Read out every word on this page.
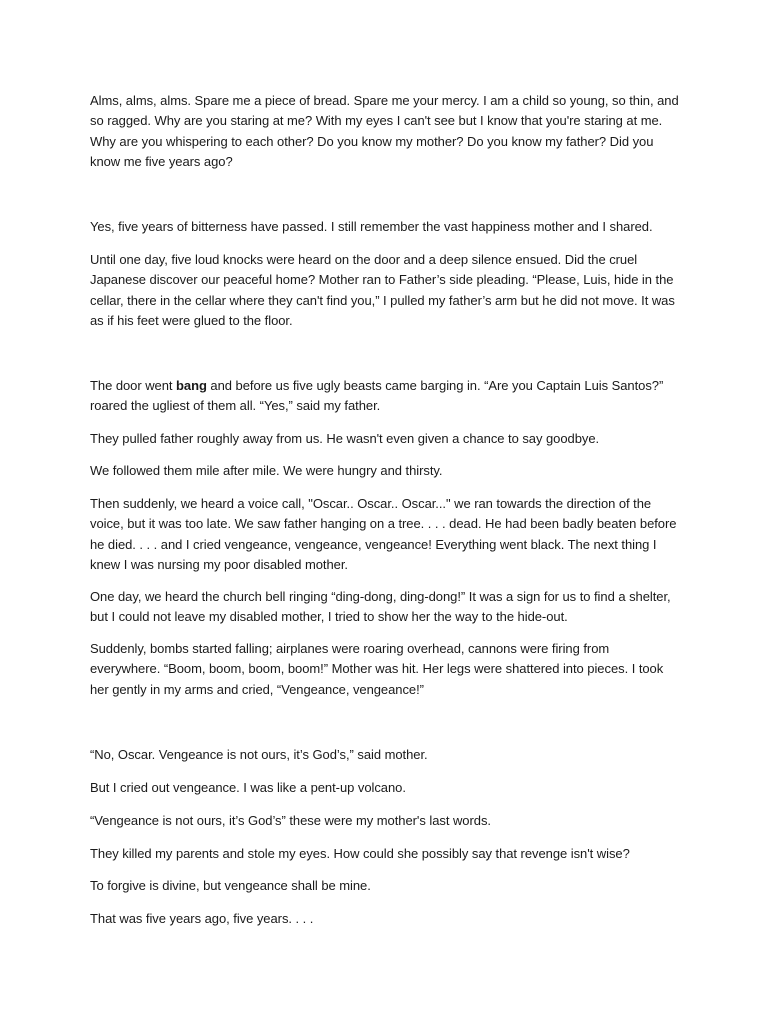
Alms, alms, alms. Spare me a piece of bread. Spare me your mercy. I am a child so young, so thin, and so ragged. Why are you staring at me? With my eyes I can't see but I know that you're staring at me. Why are you whispering to each other? Do you know my mother? Do you know my father? Did you know me five years ago?

Yes, five years of bitterness have passed. I still remember the vast happiness mother and I shared.

Until one day, five loud knocks were heard on the door and a deep silence ensued. Did the cruel Japanese discover our peaceful home? Mother ran to Father’s side pleading. “Please, Luis, hide in the cellar, there in the cellar where they can't find you,” I pulled my father’s arm but he did not move. It was as if his feet were glued to the floor.

The door went bang and before us five ugly beasts came barging in. “Are you Captain Luis Santos?” roared the ugliest of them all. “Yes,” said my father.

They pulled father roughly away from us. He wasn't even given a chance to say goodbye.

We followed them mile after mile. We were hungry and thirsty.

Then suddenly, we heard a voice call, "Oscar.. Oscar.. Oscar..." we ran towards the direction of the voice, but it was too late. We saw father hanging on a tree. . . . dead. He had been badly beaten before he died. . . . and I cried vengeance, vengeance, vengeance! Everything went black. The next thing I knew I was nursing my poor disabled mother.

One day, we heard the church bell ringing “ding-dong, ding-dong!” It was a sign for us to find a shelter, but I could not leave my disabled mother, I tried to show her the way to the hide-out.

Suddenly, bombs started falling; airplanes were roaring overhead, cannons were firing from everywhere. “Boom, boom, boom, boom!” Mother was hit. Her legs were shattered into pieces. I took her gently in my arms and cried, “Vengeance, vengeance!”

“No, Oscar. Vengeance is not ours, it’s God’s,” said mother.

But I cried out vengeance. I was like a pent-up volcano.

“Vengeance is not ours, it’s God’s” these were my mother's last words.

They killed my parents and stole my eyes. How could she possibly say that revenge isn't wise?

To forgive is divine, but vengeance shall be mine.

That was five years ago, five years. . . .
